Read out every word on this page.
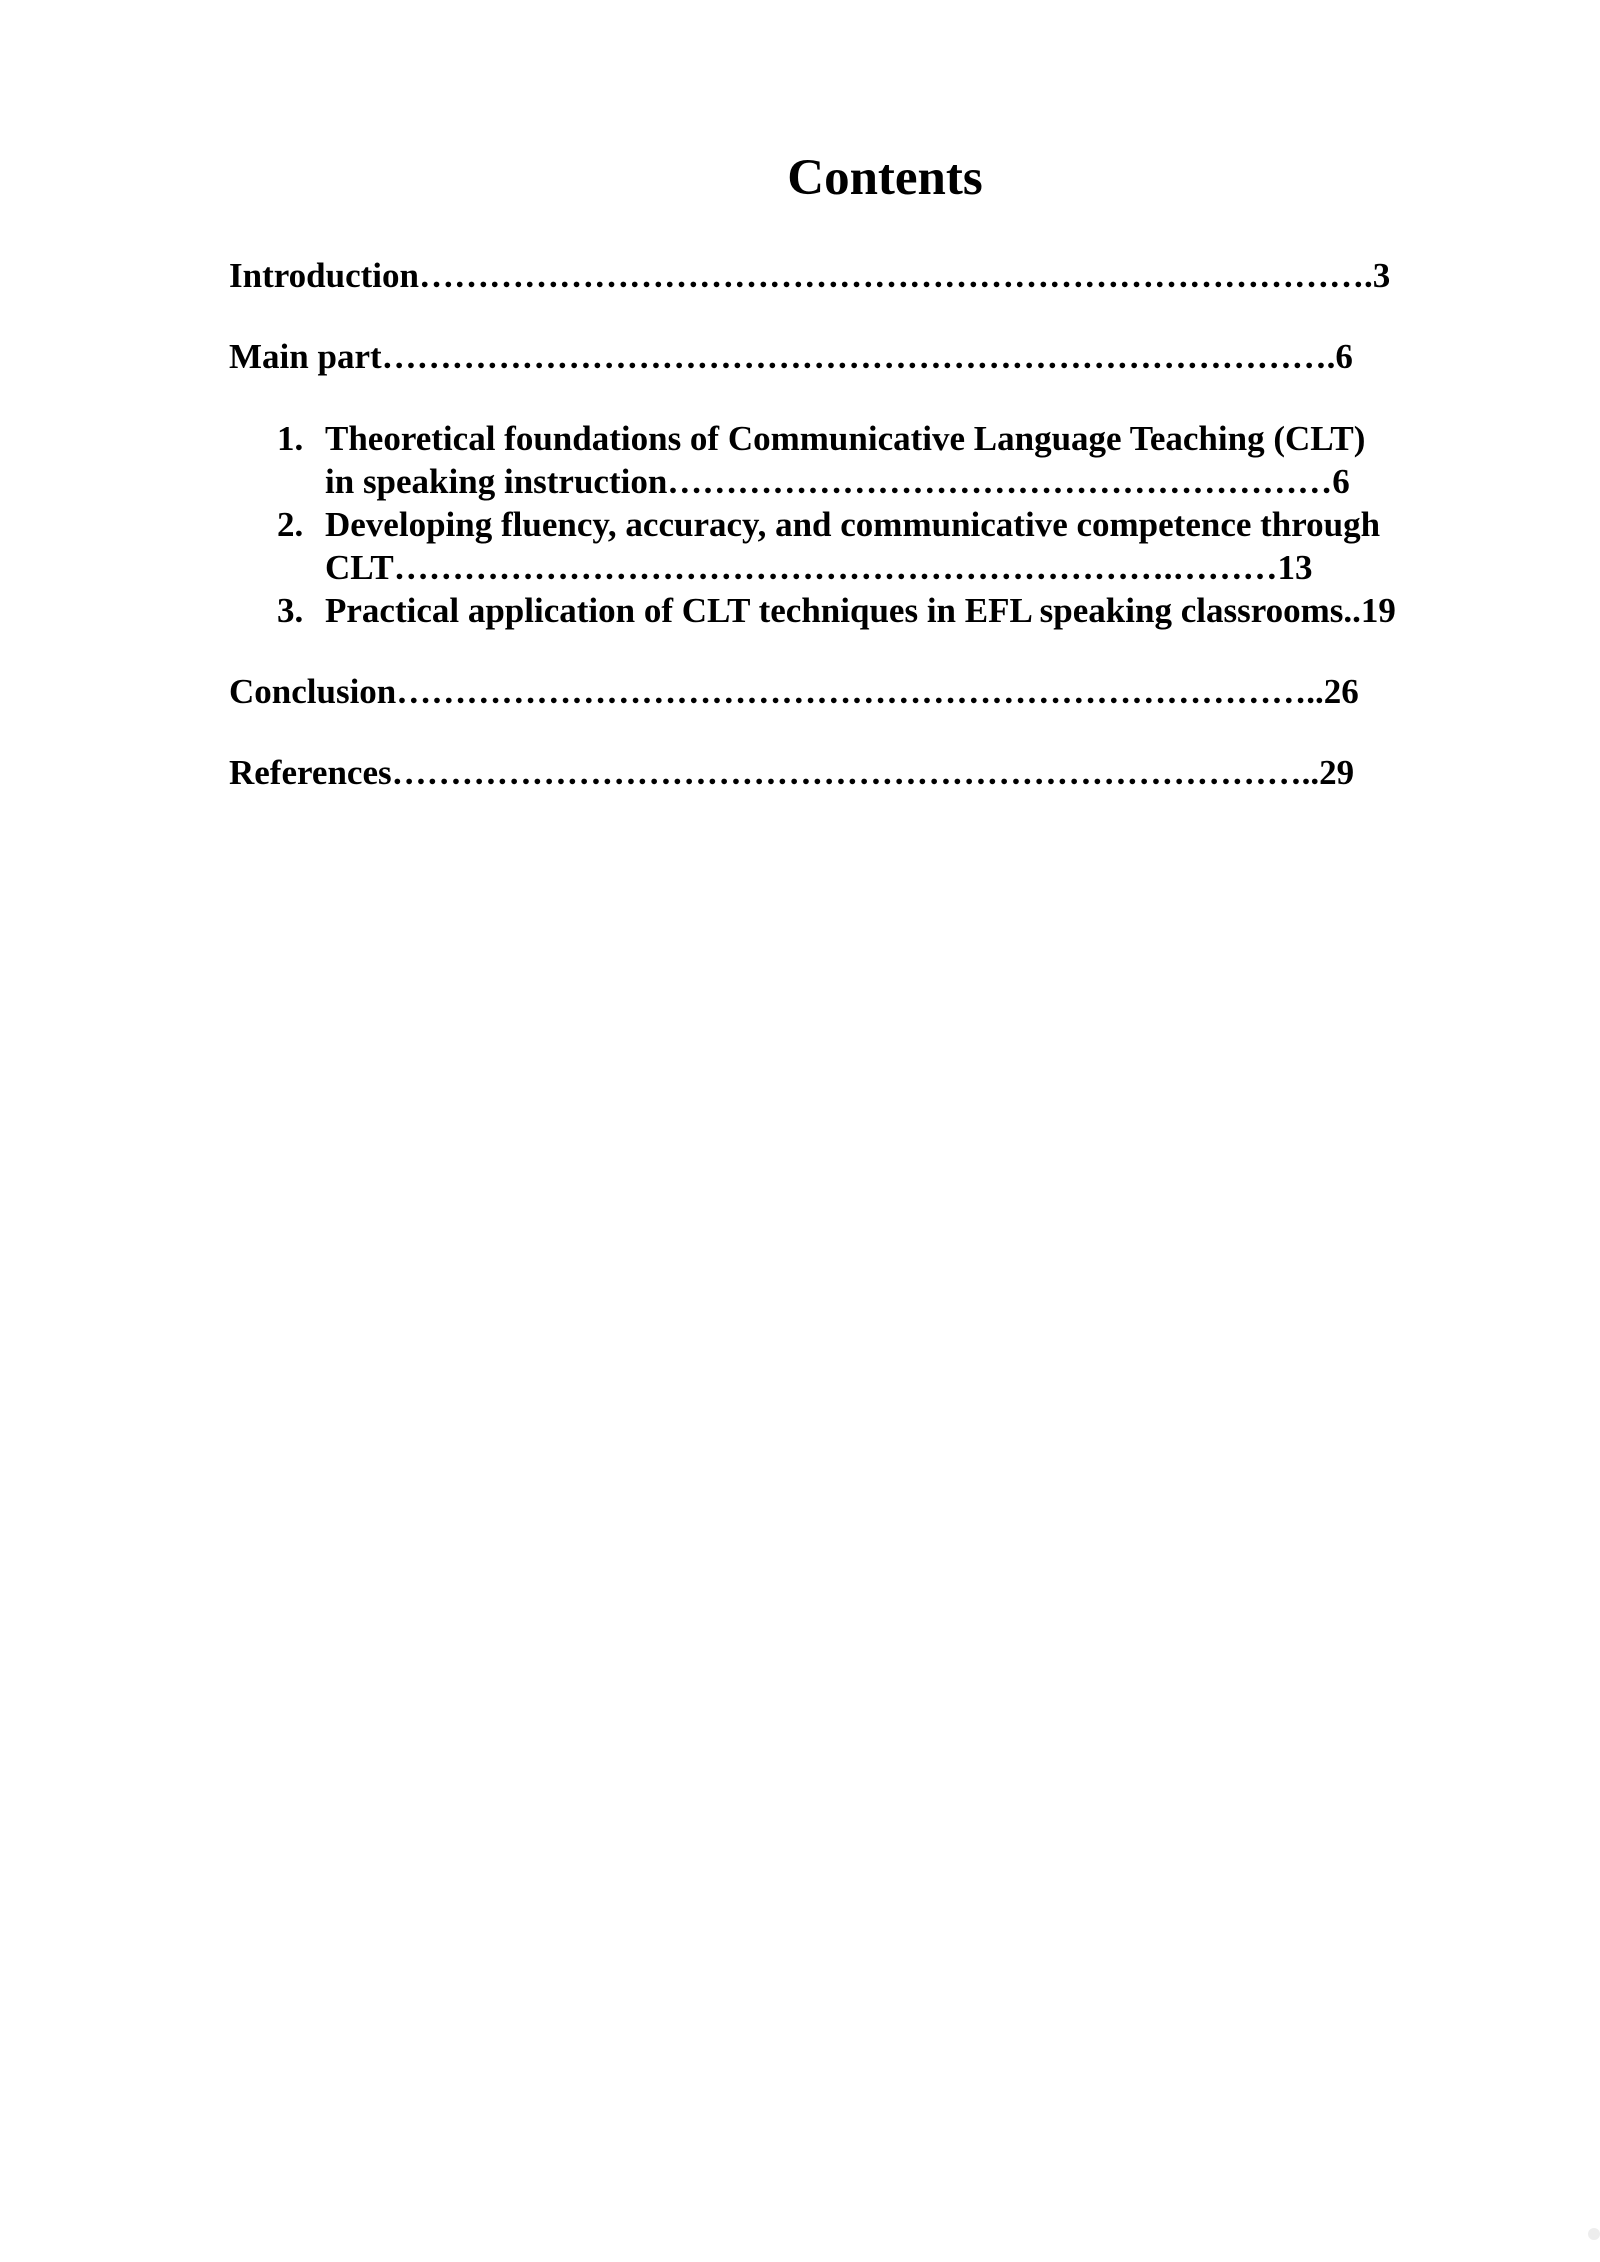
Contents

Introduction……………………………………………………………………….3

Main part……………………………………………………………………….6

1. Theoretical foundations of Communicative Language Teaching (CLT)

in speaking instruction…………………………………………………6

2. Developing fluency, accuracy, and communicative competence through

CLT………………………………………………………….………13

3. Practical application of CLT techniques in EFL speaking classrooms..19

Conclusion……………………………………………………………………..26

References……………………………………………………………………..29
